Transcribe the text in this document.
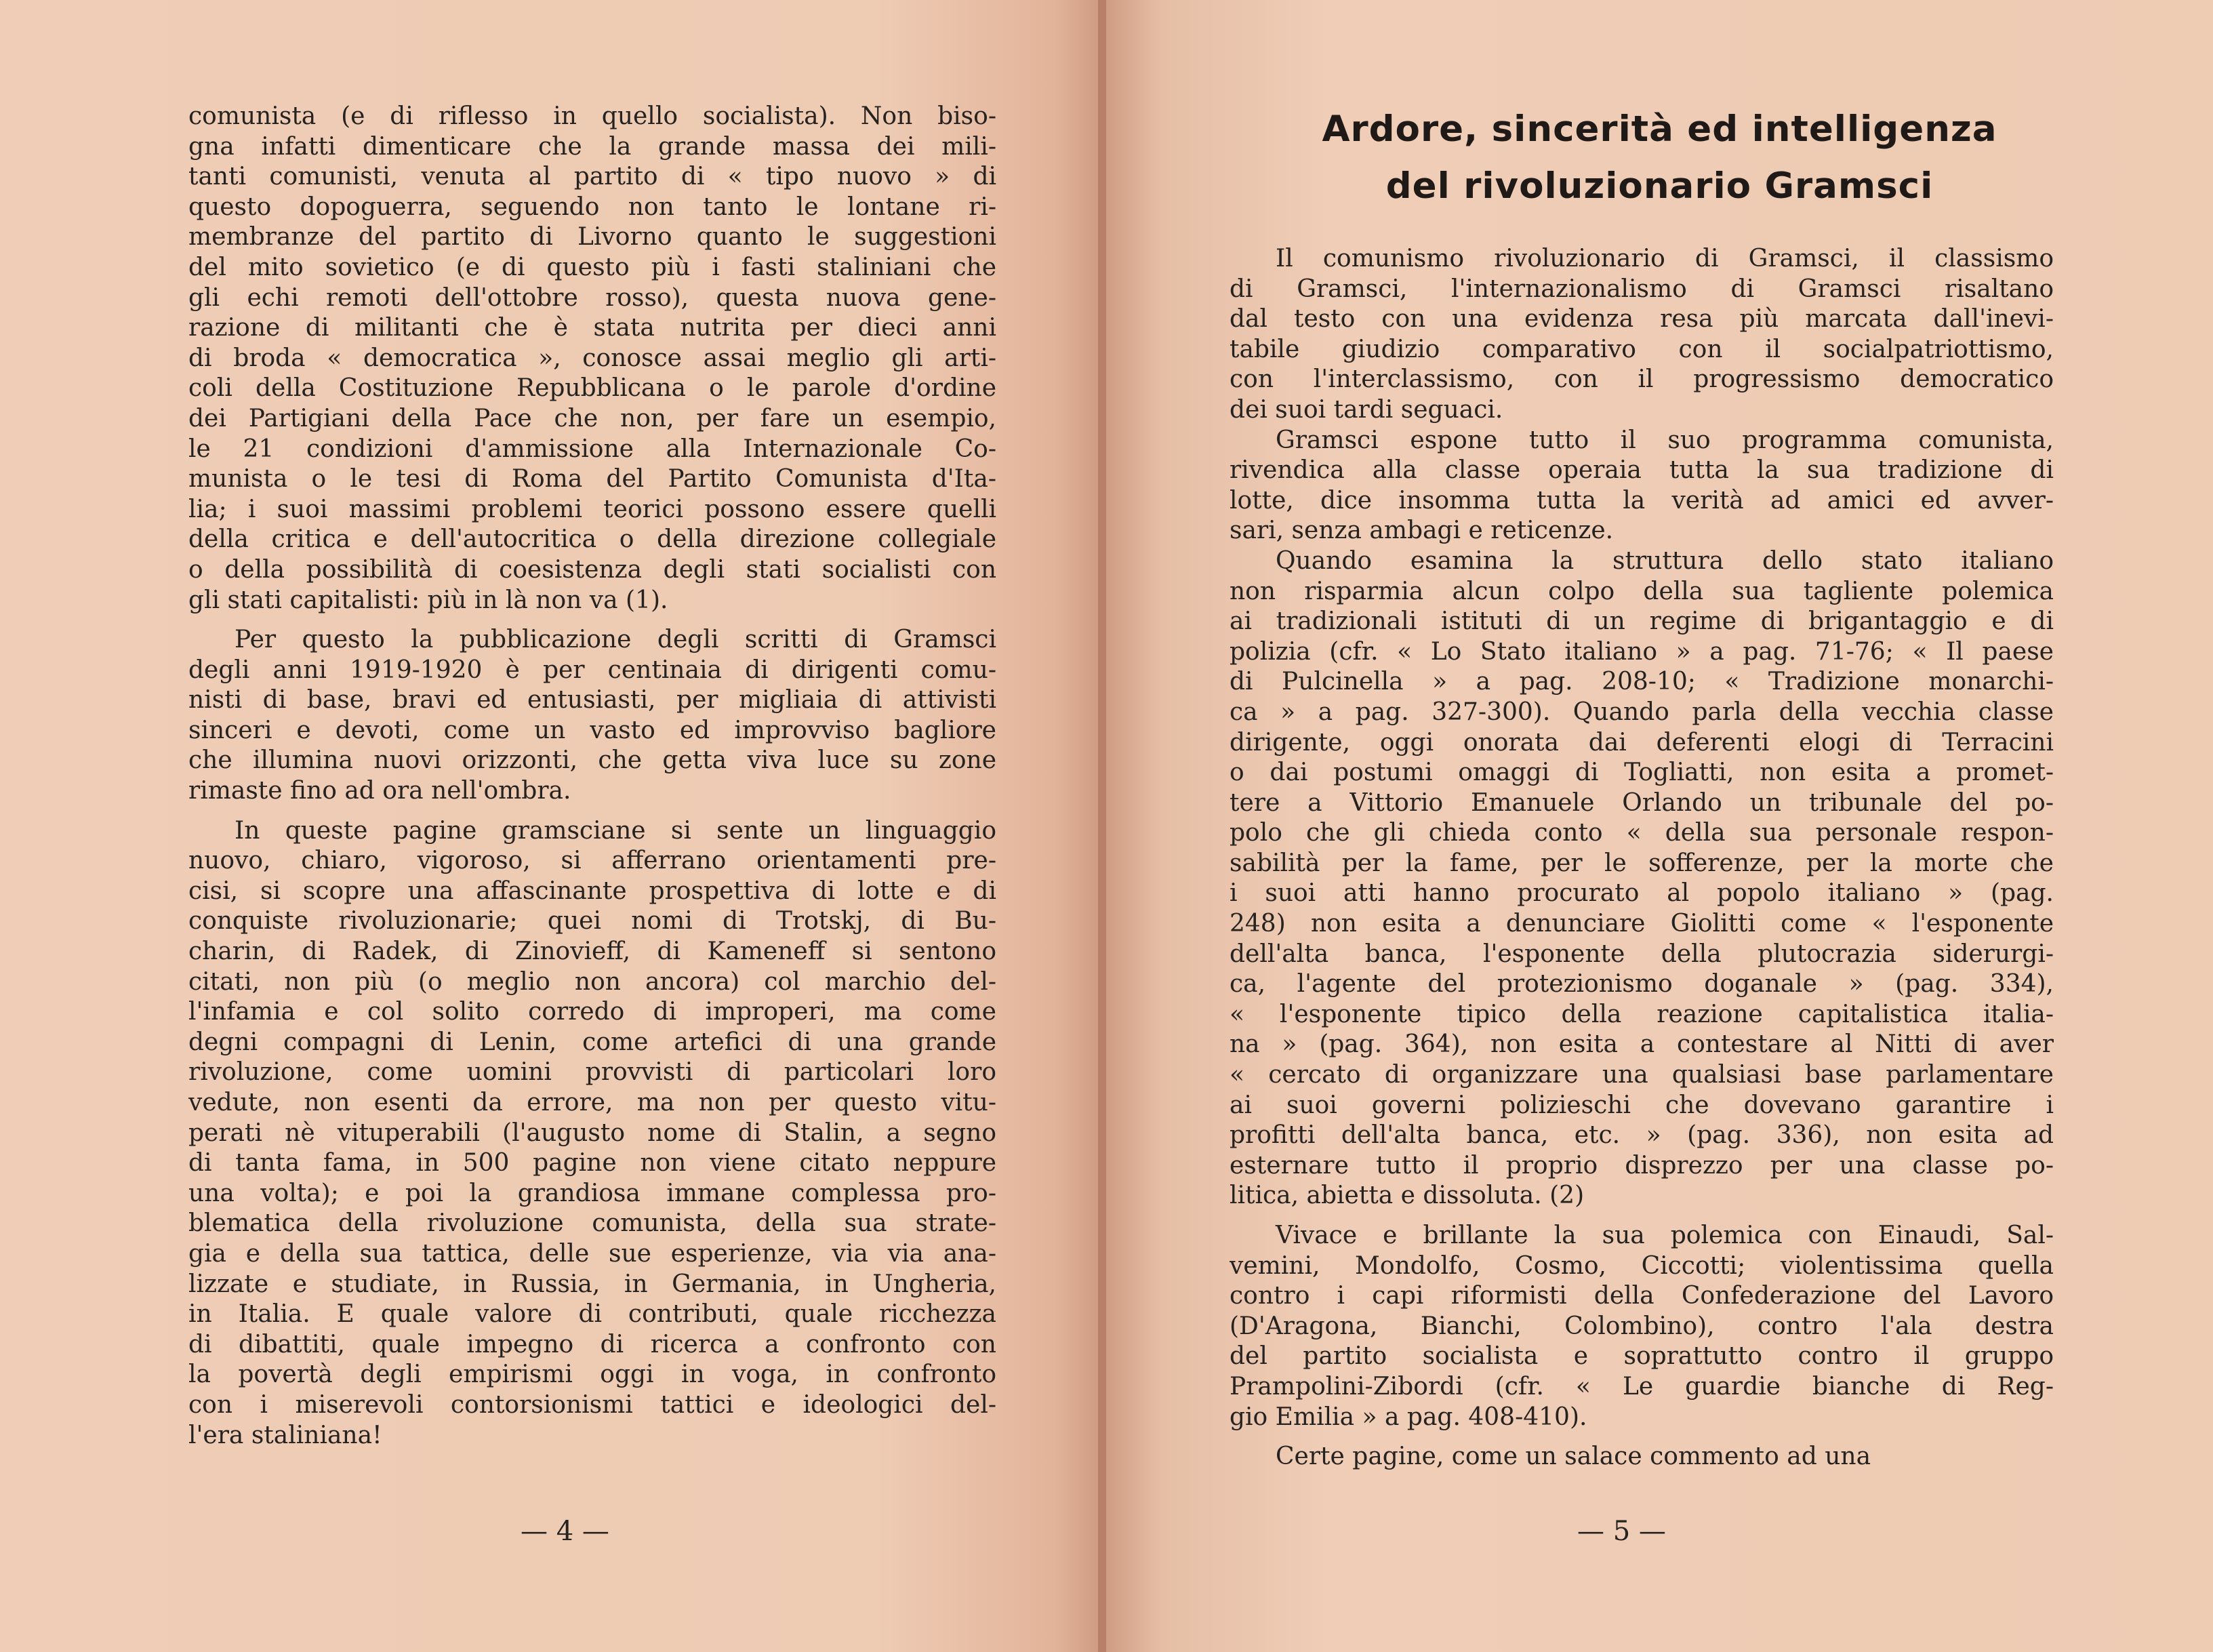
comunista (e di riflesso in quello socialista). Non biso-
gna infatti dimenticare che la grande massa dei mili-
tanti comunisti, venuta al partito di « tipo nuovo » di
questo dopoguerra, seguendo non tanto le lontane ri-
membranze del partito di Livorno quanto le suggestioni
del mito sovietico (e di questo più i fasti staliniani che
gli echi remoti dell'ottobre rosso), questa nuova gene-
razione di militanti che è stata nutrita per dieci anni
di broda « democratica », conosce assai meglio gli arti-
coli della Costituzione Repubblicana o le parole d'ordine
dei Partigiani della Pace che non, per fare un esempio,
le 21 condizioni d'ammissione alla Internazionale Co-
munista o le tesi di Roma del Partito Comunista d'Ita-
lia; i suoi massimi problemi teorici possono essere quelli
della critica e dell'autocritica o della direzione collegiale
o della possibilità di coesistenza degli stati socialisti con
gli stati capitalisti: più in là non va (1).
Per questo la pubblicazione degli scritti di Gramsci
degli anni 1919-1920 è per centinaia di dirigenti comu-
nisti di base, bravi ed entusiasti, per migliaia di attivisti
sinceri e devoti, come un vasto ed improvviso bagliore
che illumina nuovi orizzonti, che getta viva luce su zone
rimaste fino ad ora nell'ombra.
In queste pagine gramsciane si sente un linguaggio
nuovo, chiaro, vigoroso, si afferrano orientamenti pre-
cisi, si scopre una affascinante prospettiva di lotte e di
conquiste rivoluzionarie; quei nomi di Trotskj, di Bu-
charin, di Radek, di Zinovieff, di Kameneff si sentono
citati, non più (o meglio non ancora) col marchio del-
l'infamia e col solito corredo di improperi, ma come
degni compagni di Lenin, come artefici di una grande
rivoluzione, come uomini provvisti di particolari loro
vedute, non esenti da errore, ma non per questo vitu-
perati nè vituperabili (l'augusto nome di Stalin, a segno
di tanta fama, in 500 pagine non viene citato neppure
una volta); e poi la grandiosa immane complessa pro-
blematica della rivoluzione comunista, della sua strate-
gia e della sua tattica, delle sue esperienze, via via ana-
lizzate e studiate, in Russia, in Germania, in Ungheria,
in Italia. E quale valore di contributi, quale ricchezza
di dibattiti, quale impegno di ricerca a confronto con
la povertà degli empirismi oggi in voga, in confronto
con i miserevoli contorsionismi tattici e ideologici del-
l'era staliniana!
— 4 —
Ardore, sincerità ed intelligenza
del rivoluzionario Gramsci
Il comunismo rivoluzionario di Gramsci, il classismo
di Gramsci, l'internazionalismo di Gramsci risaltano
dal testo con una evidenza resa più marcata dall'inevi-
tabile giudizio comparativo con il socialpatriottismo,
con l'interclassismo, con il progressismo democratico
dei suoi tardi seguaci.
Gramsci espone tutto il suo programma comunista,
rivendica alla classe operaia tutta la sua tradizione di
lotte, dice insomma tutta la verità ad amici ed avver-
sari, senza ambagi e reticenze.
Quando esamina la struttura dello stato italiano
non risparmia alcun colpo della sua tagliente polemica
ai tradizionali istituti di un regime di brigantaggio e di
polizia (cfr. « Lo Stato italiano » a pag. 71-76; « Il paese
di Pulcinella » a pag. 208-10; « Tradizione monarchi-
ca » a pag. 327-300). Quando parla della vecchia classe
dirigente, oggi onorata dai deferenti elogi di Terracini
o dai postumi omaggi di Togliatti, non esita a promet-
tere a Vittorio Emanuele Orlando un tribunale del po-
polo che gli chieda conto « della sua personale respon-
sabilità per la fame, per le sofferenze, per la morte che
i suoi atti hanno procurato al popolo italiano » (pag.
248) non esita a denunciare Giolitti come « l'esponente
dell'alta banca, l'esponente della plutocrazia siderurgi-
ca, l'agente del protezionismo doganale » (pag. 334),
« l'esponente tipico della reazione capitalistica italia-
na » (pag. 364), non esita a contestare al Nitti di aver
« cercato di organizzare una qualsiasi base parlamentare
ai suoi governi polizieschi che dovevano garantire i
profitti dell'alta banca, etc. » (pag. 336), non esita ad
esternare tutto il proprio disprezzo per una classe po-
litica, abietta e dissoluta. (2)
Vivace e brillante la sua polemica con Einaudi, Sal-
vemini, Mondolfo, Cosmo, Ciccotti; violentissima quella
contro i capi riformisti della Confederazione del Lavoro
(D'Aragona, Bianchi, Colombino), contro l'ala destra
del partito socialista e soprattutto contro il gruppo
Prampolini-Zibordi (cfr. « Le guardie bianche di Reg-
gio Emilia » a pag. 408-410).
Certe pagine, come un salace commento ad una
— 5 —
